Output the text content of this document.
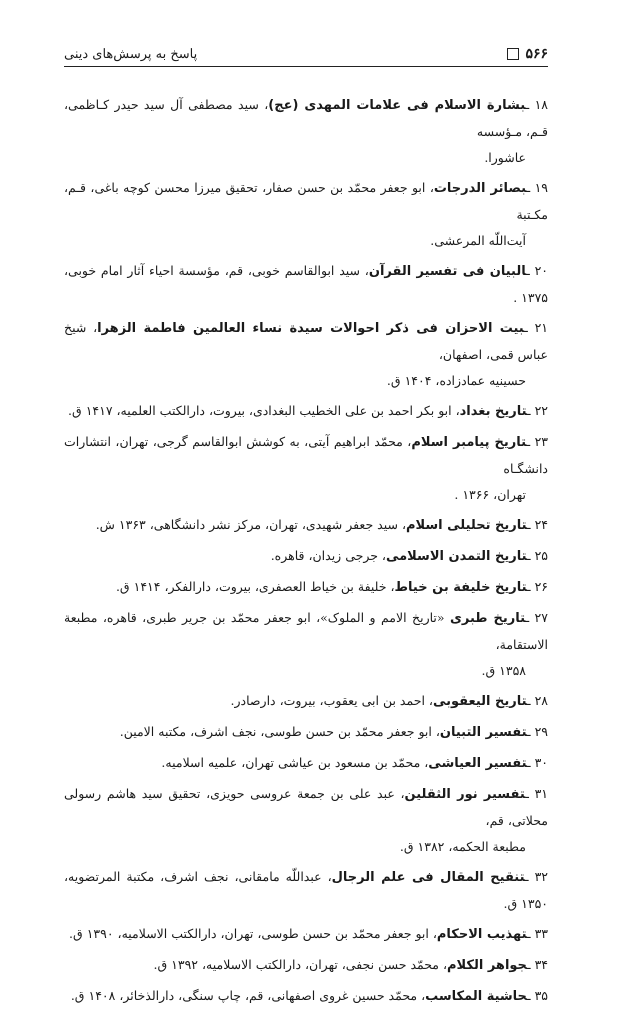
۵۶۶
پاسخ به پرسش‌های دینی
۱۸ ـبشارة الاسلام فی علامات المهدی (عج)، سید مصطفی آل سید حیدر کـاظمی، قـم، مـؤسسه
عاشورا.
۱۹ ـبصائر الدرجات، ابو جعفر محمّد بن حسن صفار، تحقیق میرزا محسن کوچه باغی، قـم، مکـتبة
آیت‌اللّه المرعشی.
۲۰ ـالبیان فی تفسیر القرآن، سید ابوالقاسم خوبی، قم، مؤسسة احیاء آثار امام خوبی، ۱۳۷۵ .
۲۱ ـبیت الاحزان فی ذکر احوالات سیدة نساء العالمین فاطمة الزهرا، شیخ عباس قمی، اصفهان،
حسینیه عمادزاده، ۱۴۰۴ ق.
۲۲ ـتاریخ بغداد، ابو بکر احمد بن علی الخطیب البغدادی، بیروت، دارالکتب العلمیه، ۱۴۱۷ ق.
۲۳ ـتاریخ پیامبر اسلام، محمّد ابراهیم آیتی، به کوشش ابوالقاسم گرجی، تهران، انتشارات دانشگـاه
تهران، ۱۳۶۶ .
۲۴ ـتاریخ تحلیلی اسلام، سید جعفر شهیدی، تهران، مرکز نشر دانشگاهی، ۱۳۶۳ ش.
۲۵ ـتاریخ التمدن الاسلامی، جرجی زیدان، قاهره.
۲۶ ـتاریخ خلیفة بن خیاط، خلیفة بن خیاط العصفری، بیروت، دارالفکر، ۱۴۱۴ ق.
۲۷ ـتاریخ طبری «تاریخ الامم و الملوک»، ابو جعفر محمّد بن جریر طبری، قاهره، مطبعة الاستقامة،
۱۳۵۸ ق.
۲۸ ـتاریخ الیعقوبی، احمد بن ابی یعقوب، بیروت، دارصادر.
۲۹ ـتفسیر التبیان، ابو جعفر محمّد بن حسن طوسی، نجف اشرف، مکتبه الامین.
۳۰ ـتفسیر العیاشی، محمّد بن مسعود بن عیاشی تهران، علمیه اسلامیه.
۳۱ ـتفسیر نور الثقلین، عبد علی بن جمعة عروسی حویزی، تحقیق سید هاشم رسولی محلاتی، قم،
مطبعة الحکمه، ۱۳۸۲ ق.
۳۲ ـتنقیح المقال فی علم الرجال، عبداللّه مامقانی، نجف اشرف، مکتبة المرتضویه، ۱۳۵۰ ق.
۳۳ ـتهذیب الاحکام، ابو جعفر محمّد بن حسن طوسی، تهران، دارالکتب الاسلامیه، ۱۳۹۰ ق.
۳۴ ـجواهر الکلام، محمّد حسن نجفی، تهران، دارالکتب الاسلامیه، ۱۳۹۲ ق.
۳۵ ـحاشیة المکاسب، محمّد حسین غروی اصفهانی، قم، چاپ سنگی، دارالذخائر، ۱۴۰۸ ق.
